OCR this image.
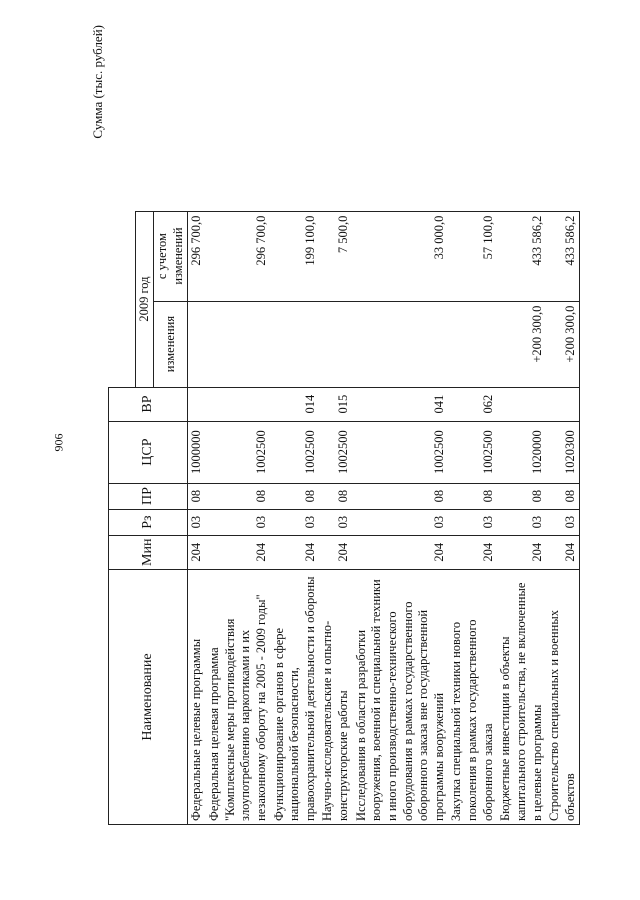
906
Сумма (тыс. рублей)
Наименование	Мин	Рз	ПР	ЦСР	ВР		
						2009 год	
						изменения	с учетом изменений
Федеральные целевые программы	204	03	08	1000000			296 700,0
Федеральная целевая программа "Комплексные меры противодействия злоупотреблению наркотиками и их незаконному обороту на 2005 - 2009 годы"	204	03	08	1002500			296 700,0
Функционирование органов в сфере национальной безопасности, правоохранительной деятельности и обороны	204	03	08	1002500	014		199 100,0
Научно-исследовательские и опытно-конструкторские работы	204	03	08	1002500	015		7 500,0
Исследования в области разработки вооружения, военной и специальной техники и иного производственно-технического оборудования в рамках государственного оборонного заказа вне государственной программы вооружений	204	03	08	1002500	041		33 000,0
Закупка специальной техники нового поколения в рамках государственного оборонного заказа	204	03	08	1002500	062		57 100,0
Бюджетные инвестиции в объекты капитального строительства, не включенные в целевые программы	204	03	08	1020000		+200 300,0	433 586,2
Строительство специальных и военных объектов	204	03	08	1020300		+200 300,0	433 586,2
